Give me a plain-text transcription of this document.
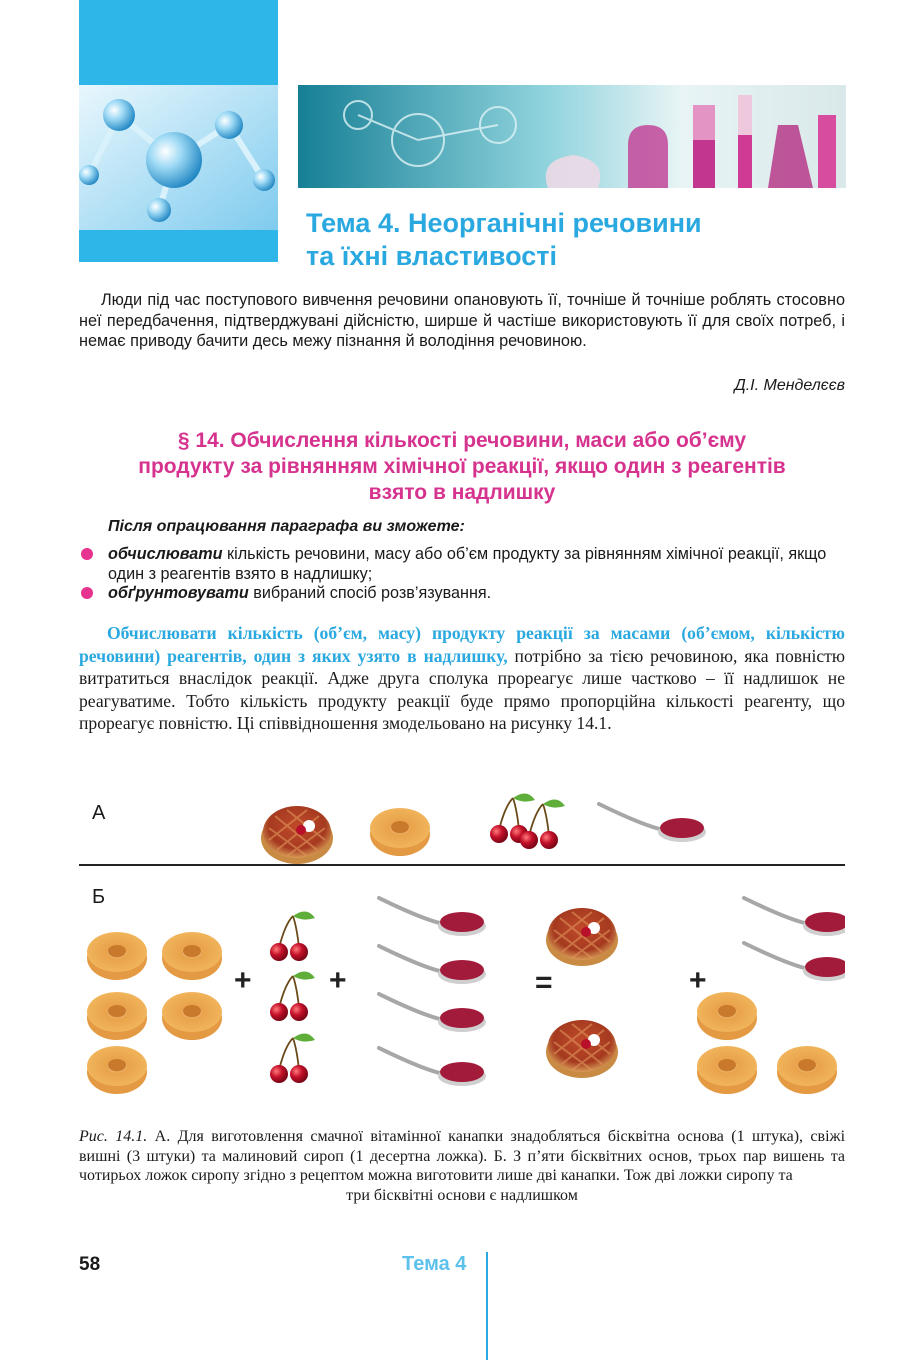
Тема 4. Неорганічні речовини
та їхні властивості
Люди під час поступового вивчення речовини опановують її, точніше й точніше роблять стосовно неї передбачення, підтверджувані дійсністю, ширше й частіше використовують її для своїх потреб, і немає приводу бачити десь межу пізнання й володіння речовиною.
Д.І. Менделєєв
§ 14. Обчислення кількості речовини, маси або об’єму
продукту за рівнянням хімічної реакції, якщо один з реагентів
взято в надлишку
Після опрацювання параграфа ви зможете:
обчислювати кількість речовини, масу або об’єм продукту за рівнянням хімічної реакції, якщо один з реагентів взято в надлишку;
обґрунтовувати вибраний спосіб розв’язування.
Обчислювати кількість (об’єм, масу) продукту реакції за масами (об’ємом, кількістю речовини) реагентів, один з яких узято в надлишку, потрібно за тією речовиною, яка повністю витратиться внаслідок реакції. Адже друга сполука прореагує лише частково – її надлишок не реагуватиме. Тобто кількість продукту реакції буде прямо пропорційна кількості реагенту, що прореагує повністю. Ці співвідношення змодельовано на рисунку 14.1.
А
Б
+	+	=	+
Рис. 14.1. А. Для виготовлення смачної вітамінної канапки знадобляться бісквітна основа (1 штука), свіжі вишні (3 штуки) та малиновий сироп (1 десертна ложка). Б. З п’яти бісквітних основ, трьох пар вишень та чотирьох ложок сиропу згідно з рецептом можна виготовити лише дві канапки. Тож дві ложки сиропу та
три бісквітні основи є надлишком
58	Тема 4
